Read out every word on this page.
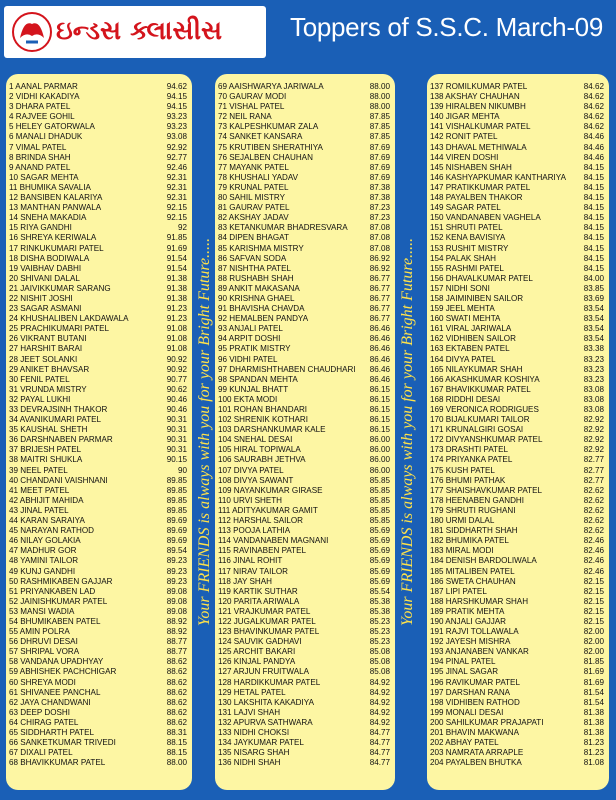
ઇન્ડસ ક્લાસીસ	Toppers of S.S.C. March-09
1 AANAL PARMAR	94.62
2 VIDHI KAKADIYA	94.15
3 DHARA PATEL	94.15
4 RAJVEE GOHIL	93.23
5 HELEY GATORWALA	93.23
6 MANALI DHADUK	93.08
7 VIMAL PATEL	92.92
8 BRINDA SHAH	92.77
9 ANAND PATEL	92.46
10 SAGAR MEHTA	92.31
11 BHUMIKA SAVALIA	92.31
12 BANSIBEN KALARIYA	92.31
13 MANTHAN PANWALA	92.15
14 SNEHA MAKADIA	92.15
15 RIYA GANDHI	92
16 SHREYA KERIWALA	91.85
17 RINKUKUMARI PATEL	91.69
18 DISHA BODIWALA	91.54
19 VAIBHAV DABHI	91.54
20 SHIVANI DALAL	91.38
21 JAIVIKKUMAR SARANG	91.38
22 NISHIT JOSHI	91.38
23 SAGAR ASMANI	91.23
24 KHUSHALIBEN LAKDAWALA	91.23
25 PRACHIKUMARI PATEL	91.08
26 VIKRANT BUTANI	91.08
27 HARSHIT BARAI	91.08
28 JEET SOLANKI	90.92
29 ANIKET BHAVSAR	90.92
30 FENIL PATEL	90.77
31 VRUNDA MISTRY	90.62
32 PAYAL LUKHI	90.46
33 DEVRAJSINH THAKOR	90.46
34 AVANIKUMARI PATEL	90.31
35 KAUSHAL SHETH	90.31
36 DARSHNABEN PARMAR	90.31
37 BRIJESH PATEL	90.31
38 MAITRI SHUKLA	90.15
39 NEEL PATEL	90
40 CHANDANI VAISHNANI	89.85
41 MEET PATEL	89.85
42 ABHIJIT MAHIDA	89.85
43 JINAL PATEL	89.85
44 KARAN SARAIYA	89.69
45 NARAYAN RATHOD	89.69
46 NILAY GOLAKIA	89.69
47 MADHUR GOR	89.54
48 YAMINI TAILOR	89.23
49 KUNJ GANDHI	89.23
50 RASHMIKABEN GAJJAR	89.23
51 PRIYANKABEN LAD	89.08
52 JAINISHKUMAR PATEL	89.08
53 MANSI WADIA	89.08
54 BHUMIKABEN PATEL	88.92
55 AMIN POLRA	88.92
56 DHRUVI DESAI	88.77
57 SHRIPAL VORA	88.77
58 VANDANA UPADHYAY	88.62
59 ABHISHEK PACHCHIGAR	88.62
60 SHREYA MODI	88.62
61 SHIVANEE PANCHAL	88.62
62 JAYA CHANDWANI	88.62
63 DEEP DOSHI	88.62
64 CHIRAG PATEL	88.62
65 SIDDHARTH PATEL	88.31
66 SANKETKUMAR TRIVEDI	88.15
67 DIXALI PATEL	88.15
68 BHAVIKKUMAR PATEL	88.00
Your FRIENDS is always with you for your Bright Future.....
69 AAISHWARYA JARIWALA	88.00
70 GAURAV MODI	88.00
71 VISHAL PATEL	88.00
72 NEIL RANA	87.85
73 KALPESHKUMAR ZALA	87.85
74 SANKET KANSARA	87.85
75 KRUTIBEN SHERATHIYA	87.69
76 SEJALBEN CHAUHAN	87.69
77 MAYANK PATEL	87.69
78 KHUSHALI YADAV	87.69
79 KRUNAL PATEL	87.38
80 SAHIL MISTRY	87.38
81 GAURAV PATEL	87.23
82 AKSHAY JADAV	87.23
83 KETANKUMAR BHADRESVARA	87.08
84 DIPEN BHAGAT	87.08
85 KARISHMA MISTRY	87.08
86 SAFVAN SODA	86.92
87 NISHTHA PATEL	86.92
88 RUSHABH SHAH	86.77
89 ANKIT MAKASANA	86.77
90 KRISHNA GHAEL	86.77
91 BHAVISHA CHAVDA	86.77
92 HEMALBEN PANDYA	86.77
93 ANJALI PATEL	86.46
94 ARPIT DOSHI	86.46
95 PRATIK MISTRY	86.46
96 VIDHI PATEL	86.46
97 DHARMISHTHABEN CHAUDHARI 86.46
98 SPANDAN MEHTA	86.46
99 KUNJAL BHATT	86.15
100 EKTA MODI	86.15
101 ROHAN BHANDARI	86.15
102 SHRENIK KOTHARI	86.15
103 DARSHANKUMAR KALE	86.15
104 SNEHAL DESAI	86.00
105 HIRAL TOPIWALA	86.00
106 SAURABH JETHVA	86.00
107 DIVYA PATEL	86.00
108 DIVYA SAWANT	85.85
109 NAYANKUMAR GIRASE	85.85
110 URVI SHETH	85.85
111 ADITYAKUMAR GAMIT	85.85
112 HARSHAL SAILOR	85.85
113 POOJA LATHIA	85.69
114 VANDANABEN MAGNANI	85.69
115 RAVINABEN PATEL	85.69
116 JINAL ROHIT	85.69
117 NIRAV TAILOR	85.69
118 JAY SHAH	85.69
119 KARTIK SUTHAR	85.54
120 PARITA ARIWALA	85.38
121 VRAJKUMAR PATEL	85.38
122 JUGALKUMAR PATEL	85.23
123 BHAVINKUMAR PATEL	85.23
124 SAUVIK GADHAVI	85.23
125 ARCHIT BAKARI	85.08
126 KINJAL PANDYA	85.08
127 ARJUN FRUITWALA	85.08
128 HARDIKKUMAR PATEL	84.92
129 HETAL PATEL	84.92
130 LAKSHITA KAKADIYA	84.92
131 LAJVI SHAH	84.92
132 APURVA SATHWARA	84.92
133 NIDHI CHOKSI	84.77
134 JAYKUMAR PATEL	84.77
135 NISARG SHAH	84.77
136 NIDHI SHAH	84.77
Your FRIENDS is always with you for your Bright Future.....
137 ROMILKUMAR PATEL	84.62
138 AKSHAY CHAUHAN	84.62
139 HIRALBEN NIKUMBH	84.62
140 JIGAR MEHTA	84.62
141 VISHALKUMAR PATEL	84.62
142 RONIT PATEL	84.46
143 DHAVAL METHIWALA	84.46
144 VIREN DOSHI	84.46
145 NISHABEN SHAH	84.15
146 KASHYAPKUMAR KANTHARIYA 84.15
147 PRATIKKUMAR PATEL	84.15
148 PAYALBEN THAKOR	84.15
149 SAGAR PATEL	84.15
150 VANDANABEN VAGHELA	84.15
151 SHRUTI PATEL	84.15
152 KENA BAVISIYA	84.15
153 RUSHIT MISTRY	84.15
154 PALAK SHAH	84.15
155 RASHMI PATEL	84.15
156 DHAVALKUMAR PATEL	84.00
157 NIDHI SONI	83.85
158 JAIMINIBEN SAILOR	83.69
159 JEEL MEHTA	83.54
160 SWATI MEHTA	83.54
161 VIRAL JARIWALA	83.54
162 VIDHIBEN SAILOR	83.54
163 EKTABEN PATEL	83.38
164 DIVYA PATEL	83.23
165 NILAYKUMAR SHAH	83.23
166 AKASHKUMAR KOSHIYA	83.23
167 BHAVIKKUMAR PATEL	83.08
168 RIDDHI DESAI	83.08
169 VERONICA RODRIGUES	83.08
170 BIJALKUMARI TAILOR	82.92
171 KRUNALGIRI GOSAI	82.92
172 DIVYANSHKUMAR PATEL	82.92
173 DRASHTI PATEL	82.92
174 PRIYANKA PATEL	82.77
175 KUSH PATEL	82.77
176 BHUMI PATHAK	82.77
177 SHAISHAVKUMAR PATEL	82.62
178 HEENABEN GANDHI	82.62
179 SHRUTI RUGHANI	82.62
180 URMI DALAL	82.62
181 SIDDHARTH SHAH	82.62
182 BHUMIKA PATEL	82.46
183 MIRAL MODI	82.46
184 DENISH BARDOLIWALA	82.46
185 MITALIBEN PATEL	82.46
186 SWETA CHAUHAN	82.15
187 LIPI PATEL	82.15
188 HARSHKUMAR SHAH	82.15
189 PRATIK MEHTA	82.15
190 ANJALI GAJJAR	82.15
191 RAJVI TOLLAWALA	82.00
192 JAYESH MISHRA	82.00
193 ANJANABEN VANKAR	82.00
194 PINAL PATEL	81.85
195 JINAL SAGAR	81.69
196 RAVIKUMAR PATEL	81.69
197 DARSHAN RANA	81.54
198 VIDHIBEN RATHOD	81.54
199 MONALI DESAI	81.38
200 SAHILKUMAR PRAJAPATI	81.38
201 BHAVIN MAKWANA	81.38
202 ABHAY PATEL	81.23
203 NAMRATA ARRAPLE	81.23
204 PAYALBEN BHUTKA	81.08
